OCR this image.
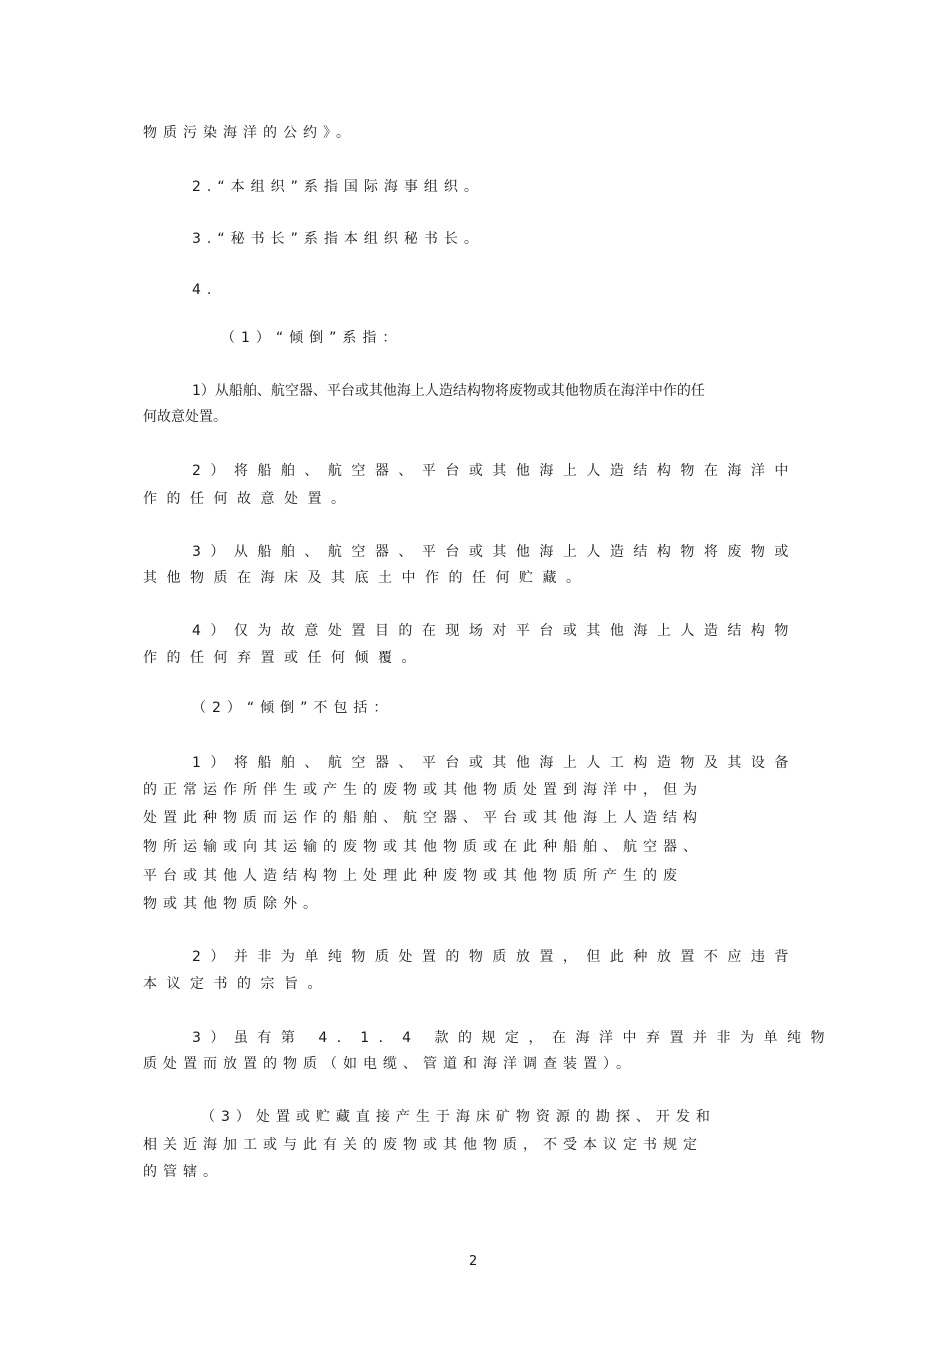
物质污染海洋的公约》。
2.“本组织”系指国际海事组织。
3.“秘书长”系指本组织秘书长。
4.
（1）“倾倒”系指：
1）从船舶、航空器、平台或其他海上人造结构物将废物或其他物质在海洋中作的任
何故意处置。
2）将船舶、航空器、平台或其他海上人造结构物在海洋中
作的任何故意处置。
3）从船舶、航空器、平台或其他海上人造结构物将废物或
其他物质在海床及其底土中作的任何贮藏。
4）仅为故意处置目的在现场对平台或其他海上人造结构物
作的任何弃置或任何倾覆。
（2）“倾倒”不包括：
1）将船舶、航空器、平台或其他海上人工构造物及其设备
的正常运作所伴生或产生的废物或其他物质处置到海洋中，但为
处置此种物质而运作的船舶、航空器、平台或其他海上人造结构
物所运输或向其运输的废物或其他物质或在此种船舶、航空器、
平台或其他人造结构物上处理此种废物或其他物质所产生的废
物或其他物质除外。
2）并非为单纯物质处置的物质放置，但此种放置不应违背
本议定书的宗旨。
3）虽有第 4．1．4 款的规定，在海洋中弃置并非为单纯物
质处置而放置的物质（如电缆、管道和海洋调查装置）。
（3）处置或贮藏直接产生于海床矿物资源的勘探、开发和
相关近海加工或与此有关的废物或其他物质，不受本议定书规定
的管辖。
2
